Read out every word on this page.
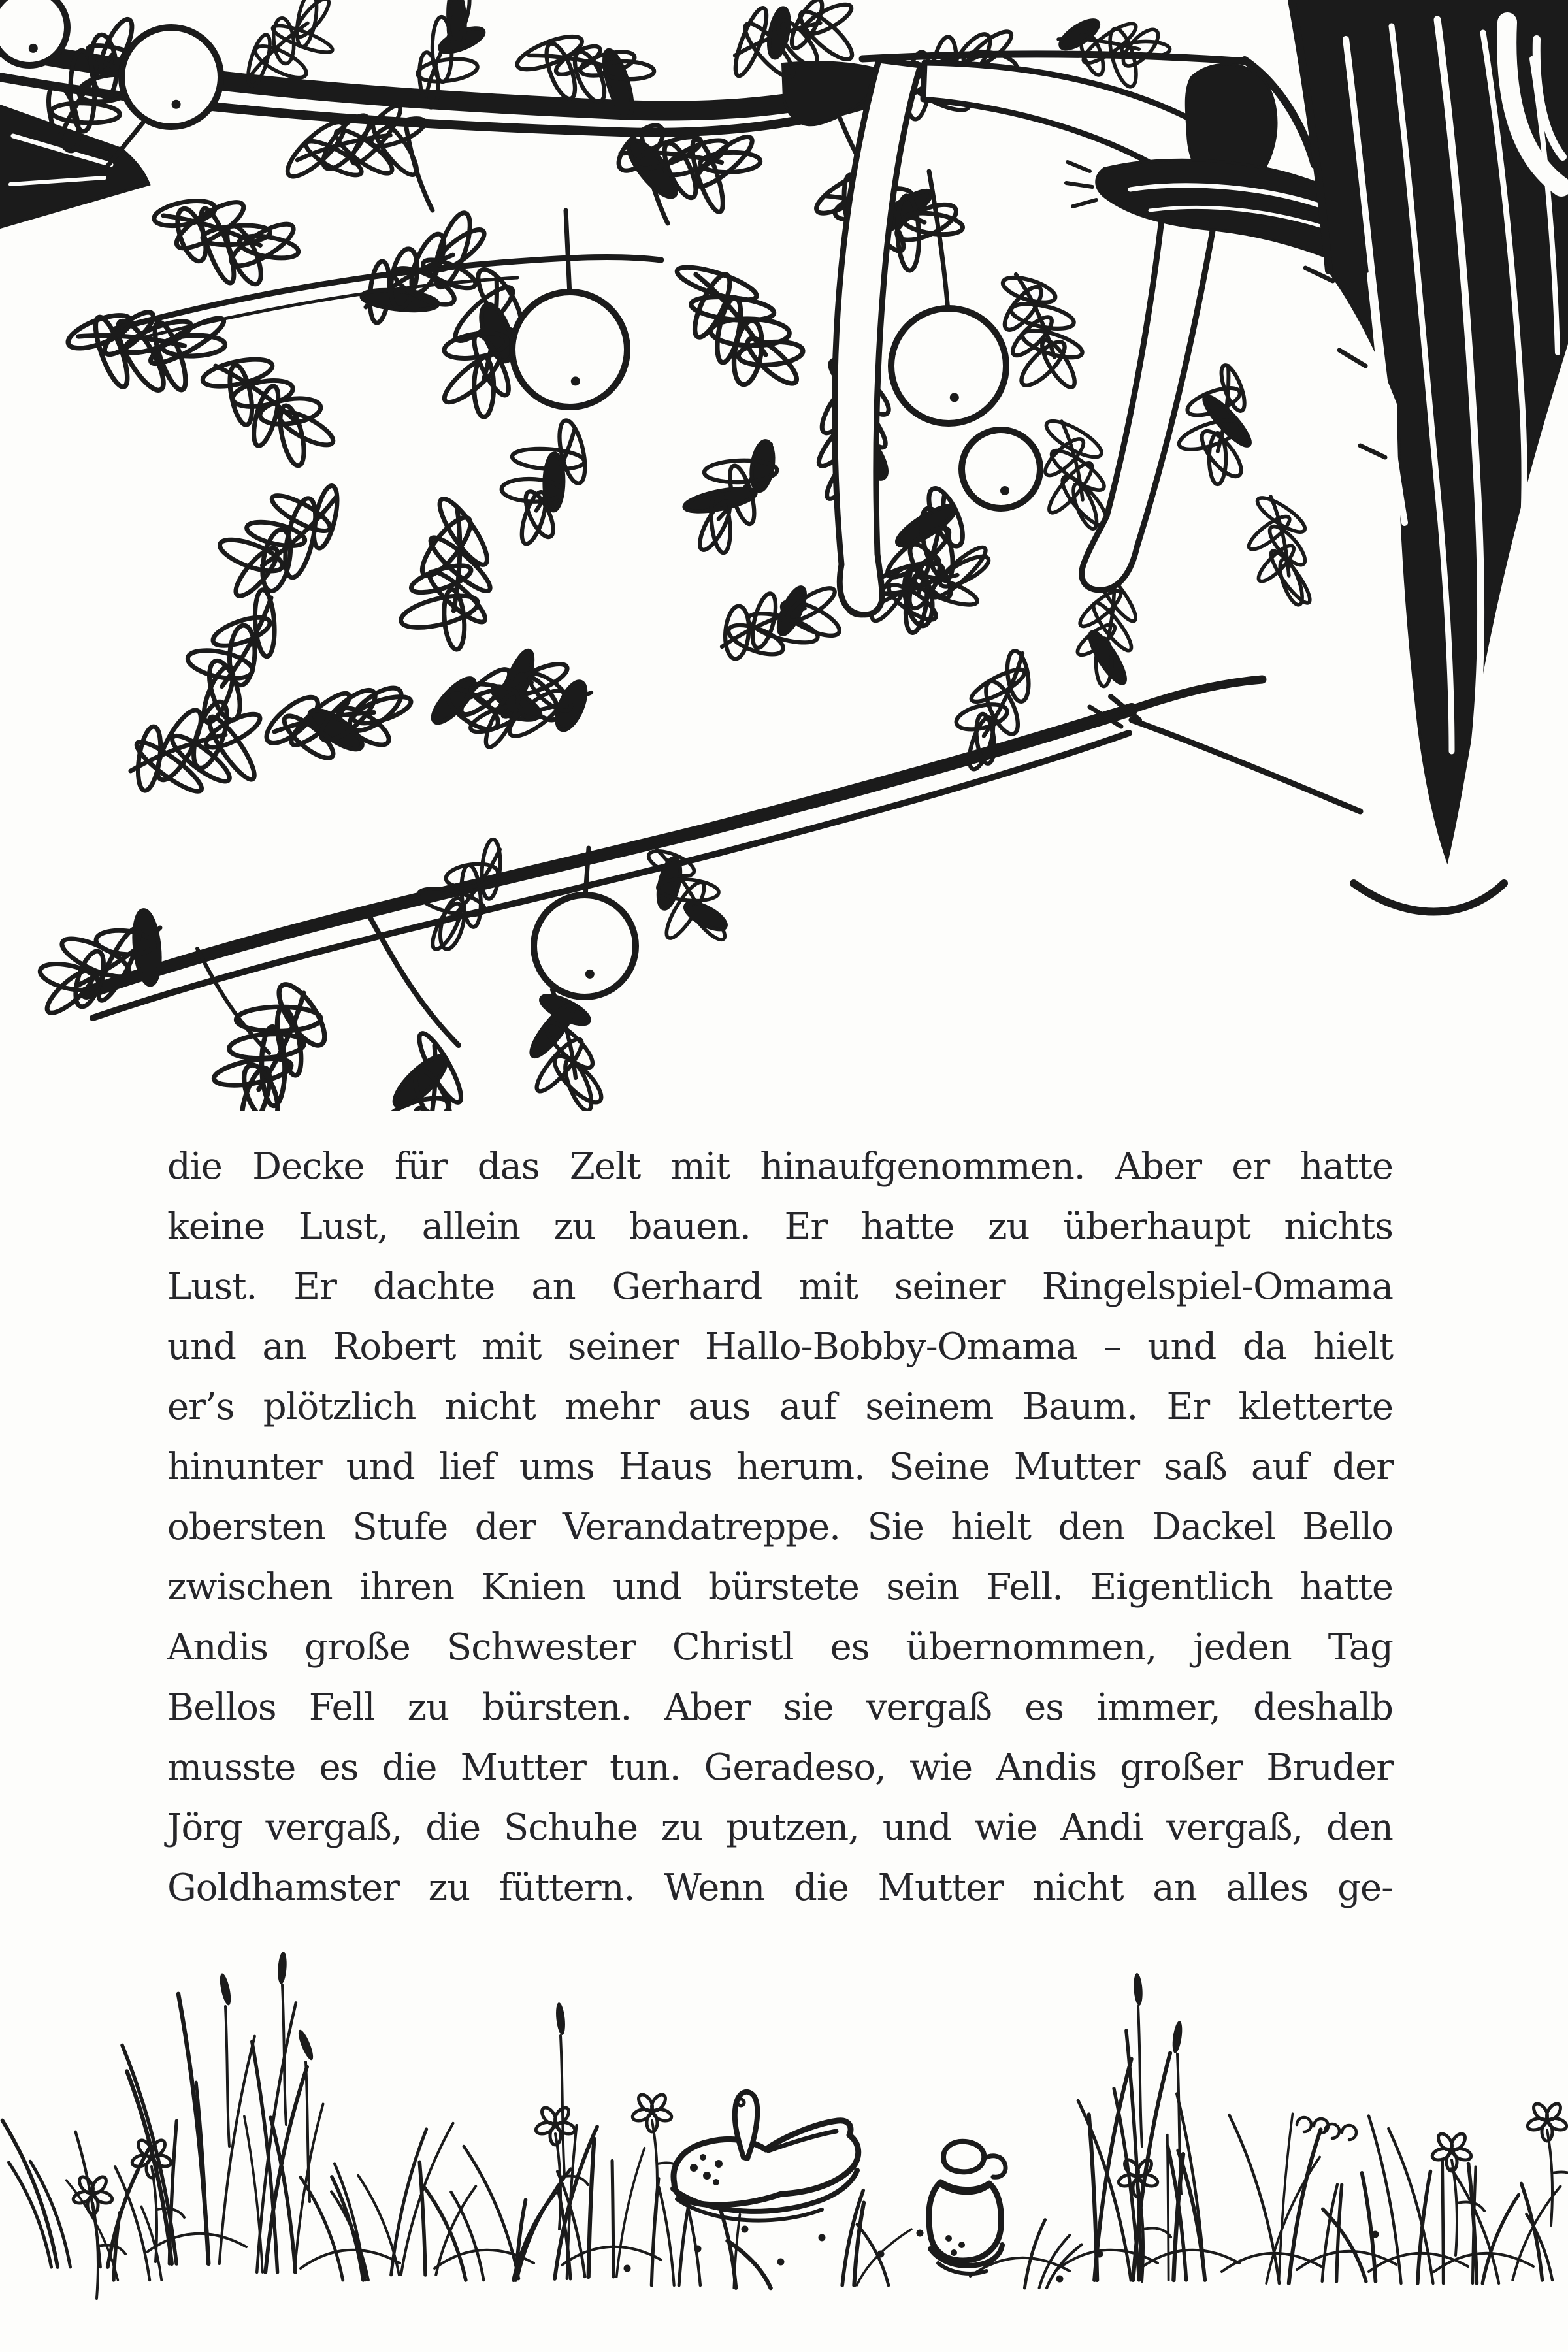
die Decke für das Zelt mit hinaufgenommen. Aber er hatte
keine Lust, allein zu bauen. Er hatte zu überhaupt nichts
Lust. Er dachte an Gerhard mit seiner Ringelspiel-Omama
und an Robert mit seiner Hallo-Bobby-Omama – und da hielt
er’s plötzlich nicht mehr aus auf seinem Baum. Er kletterte
hinunter und lief ums Haus herum. Seine Mutter saß auf der
obersten Stufe der Verandatreppe. Sie hielt den Dackel Bello
zwischen ihren Knien und bürstete sein Fell. Eigentlich hatte
Andis große Schwester Christl es übernommen, jeden Tag
Bellos Fell zu bürsten. Aber sie vergaß es immer, deshalb
musste es die Mutter tun. Geradeso, wie Andis großer Bruder
Jörg vergaß, die Schuhe zu putzen, und wie Andi vergaß, den
Goldhamster zu füttern. Wenn die Mutter nicht an alles ge-
